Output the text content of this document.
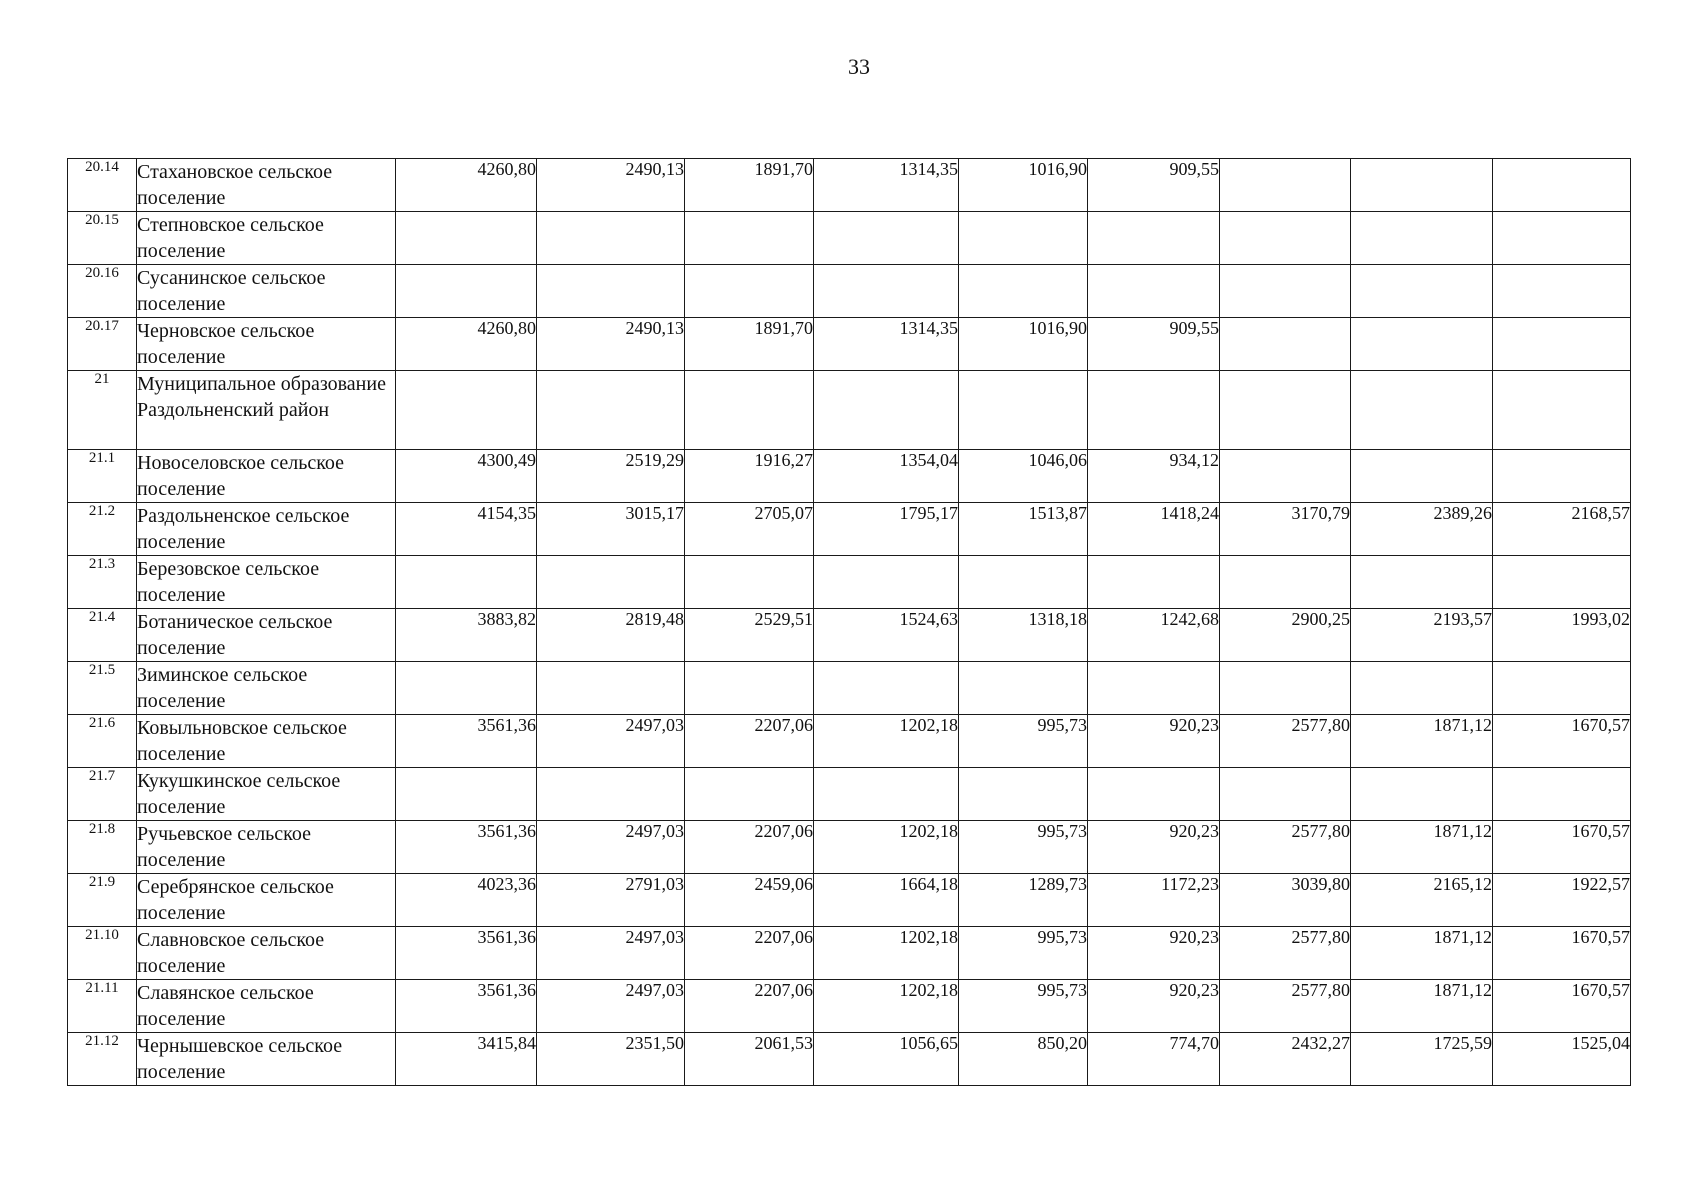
33
20.14	Стахановское сельское поселение	4260,80	2490,13	1891,70	1314,35	1016,90	909,55			
20.15	Степновское сельское поселение									
20.16	Сусанинское сельское поселение									
20.17	Черновское сельское поселение	4260,80	2490,13	1891,70	1314,35	1016,90	909,55			
21	Муниципальное образование Раздольненский район									
21.1	Новоселовское сельское поселение	4300,49	2519,29	1916,27	1354,04	1046,06	934,12			
21.2	Раздольненское сельское поселение	4154,35	3015,17	2705,07	1795,17	1513,87	1418,24	3170,79	2389,26	2168,57
21.3	Березовское сельское поселение									
21.4	Ботаническое сельское поселение	3883,82	2819,48	2529,51	1524,63	1318,18	1242,68	2900,25	2193,57	1993,02
21.5	Зиминское сельское поселение									
21.6	Ковыльновское сельское поселение	3561,36	2497,03	2207,06	1202,18	995,73	920,23	2577,80	1871,12	1670,57
21.7	Кукушкинское сельское поселение									
21.8	Ручьевское сельское поселение	3561,36	2497,03	2207,06	1202,18	995,73	920,23	2577,80	1871,12	1670,57
21.9	Серебрянское сельское поселение	4023,36	2791,03	2459,06	1664,18	1289,73	1172,23	3039,80	2165,12	1922,57
21.10	Славновское сельское поселение	3561,36	2497,03	2207,06	1202,18	995,73	920,23	2577,80	1871,12	1670,57
21.11	Славянское сельское поселение	3561,36	2497,03	2207,06	1202,18	995,73	920,23	2577,80	1871,12	1670,57
21.12	Чернышевское сельское поселение	3415,84	2351,50	2061,53	1056,65	850,20	774,70	2432,27	1725,59	1525,04
